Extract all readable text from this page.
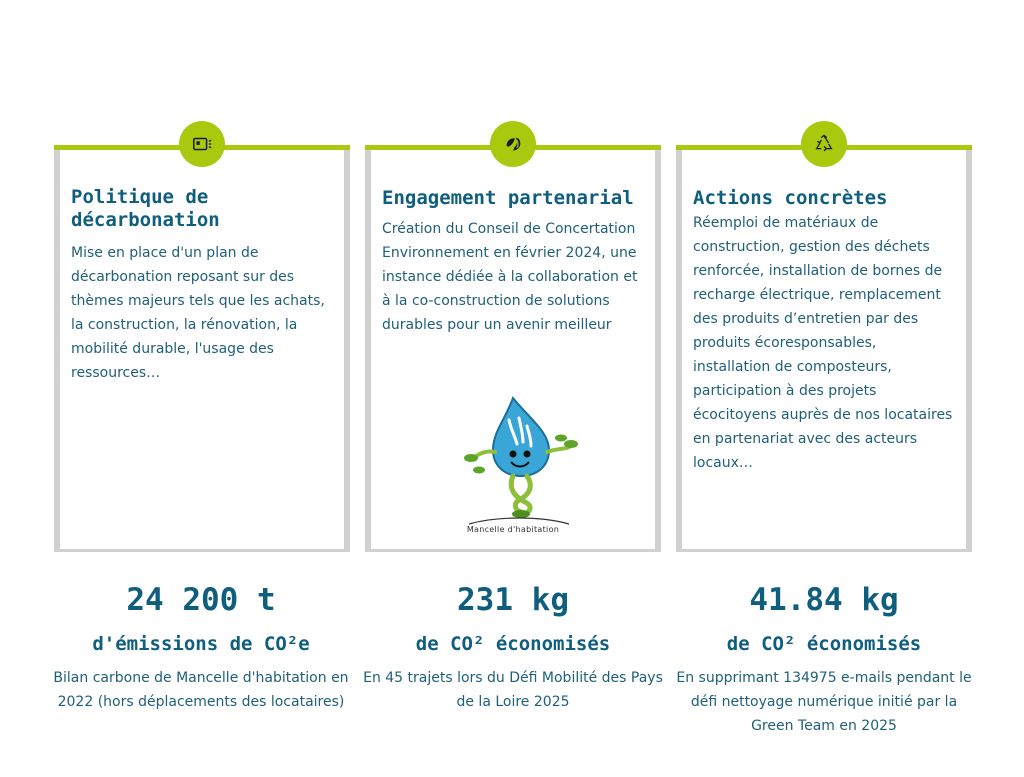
Politique de décarbonation

Mise en place d'un plan de décarbonation reposant sur des thèmes majeurs tels que les achats, la construction, la rénovation, la mobilité durable, l'usage des ressources…

Engagement partenarial

Création du Conseil de Concertation Environnement en février 2024, une instance dédiée à la collaboration et à la co-construction de solutions durables pour un avenir meilleur

Mancelle d'habitation
Actions concrètes

Réemploi de matériaux de construction, gestion des déchets renforcée, installation de bornes de recharge électrique, remplacement des produits d’entretien par des produits écoresponsables, installation de composteurs, participation à des projets écocitoyens auprès de nos locataires en partenariat avec des acteurs locaux…

24 200 t
d'émissions de CO²e
Bilan carbone de Mancelle d'habitation en 2022 (hors déplacements des locataires)
231 kg
de CO² économisés
En 45 trajets lors du Défi Mobilité des Pays de la Loire 2025
41.84 kg
de CO² économisés
En supprimant 134975 e-mails pendant le défi nettoyage numérique initié par la Green Team en 2025
